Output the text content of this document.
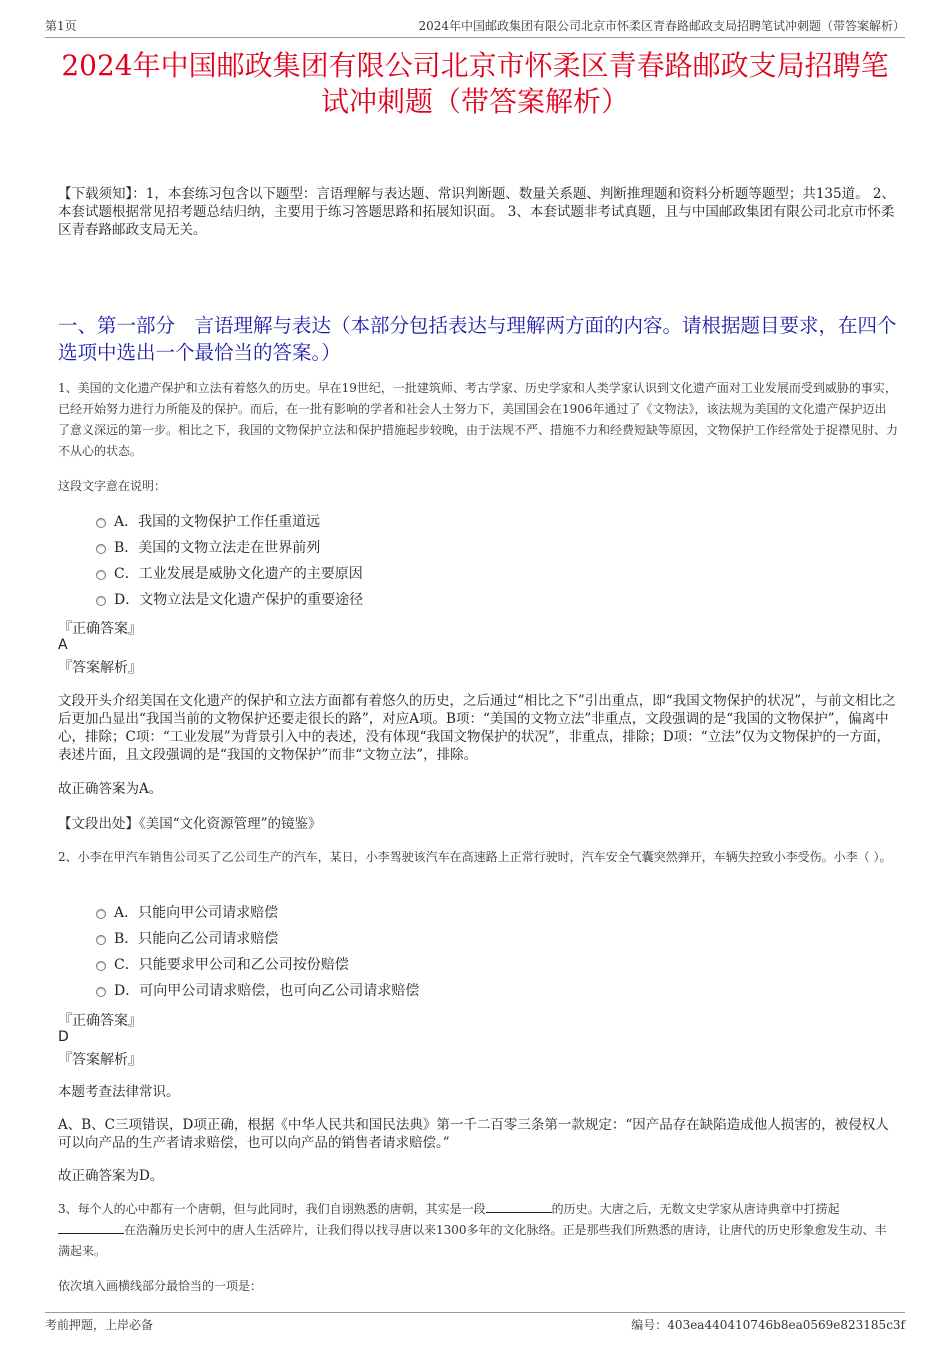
第1页	2024年中国邮政集团有限公司北京市怀柔区青春路邮政支局招聘笔试冲刺题（带答案解析）
2024年中国邮政集团有限公司北京市怀柔区青春路邮政支局招聘笔试冲刺题（带答案解析）
【下载须知】：1，本套练习包含以下题型：言语理解与表达题、常识判断题、数量关系题、判断推理题和资料分析题等题型；共135道。 2、本套试题根据常见招考题总结归纳，主要用于练习答题思路和拓展知识面。 3、本套试题非考试真题，且与中国邮政集团有限公司北京市怀柔区青春路邮政支局无关。
一、第一部分　言语理解与表达（本部分包括表达与理解两方面的内容。请根据题目要求，在四个选项中选出一个最恰当的答案。）
1、美国的文化遗产保护和立法有着悠久的历史。早在19世纪，一批建筑师、考古学家、历史学家和人类学家认识到文化遗产面对工业发展而受到威胁的事实，已经开始努力进行力所能及的保护。而后，在一批有影响的学者和社会人士努力下，美国国会在1906年通过了《文物法》，该法规为美国的文化遗产保护迈出了意义深远的第一步。相比之下，我国的文物保护立法和保护措施起步较晚，由于法规不严、措施不力和经费短缺等原因，文物保护工作经常处于捉襟见肘、力不从心的状态。
这段文字意在说明：
A．我国的文物保护工作任重道远
B．美国的文物立法走在世界前列
C．工业发展是威胁文化遗产的主要原因
D．文物立法是文化遗产保护的重要途径
『正确答案』
A
『答案解析』
文段开头介绍美国在文化遗产的保护和立法方面都有着悠久的历史，之后通过“相比之下”引出重点，即“我国文物保护的状况”，与前文相比之后更加凸显出“我国当前的文物保护还要走很长的路”，对应A项。B项：“美国的文物立法”非重点，文段强调的是“我国的文物保护”，偏离中心，排除；C项：“工业发展”为背景引入中的表述，没有体现“我国文物保护的状况”，非重点，排除；D项：“立法”仅为文物保护的一方面，表述片面，且文段强调的是“我国的文物保护”而非“文物立法”，排除。
故正确答案为A。
【文段出处】《美国“文化资源管理”的镜鉴》
2、小李在甲汽车销售公司买了乙公司生产的汽车，某日，小李驾驶该汽车在高速路上正常行驶时，汽车安全气囊突然弹开，车辆失控致小李受伤。小李（ ）。
A．只能向甲公司请求赔偿
B．只能向乙公司请求赔偿
C．只能要求甲公司和乙公司按份赔偿
D．可向甲公司请求赔偿，也可向乙公司请求赔偿
『正确答案』
D
『答案解析』
本题考查法律常识。
A、B、C三项错误，D项正确，根据《中华人民共和国民法典》第一千二百零三条第一款规定：“因产品存在缺陷造成他人损害的，被侵权人可以向产品的生产者请求赔偿，也可以向产品的销售者请求赔偿。”
故正确答案为D。
3、每个人的心中都有一个唐朝，但与此同时，我们自诩熟悉的唐朝，其实是一段	的历史。大唐之后，无数文史学家从唐诗典章中打捞起在浩瀚历史长河中的唐人生活碎片，让我们得以找寻唐以来1300多年的文化脉络。正是那些我们所熟悉的唐诗，让唐代的历史形象愈发生动、丰满起来。
依次填入画横线部分最恰当的一项是：
考前押题，上岸必备	编号：403ea440410746b8ea0569e823185c3f
